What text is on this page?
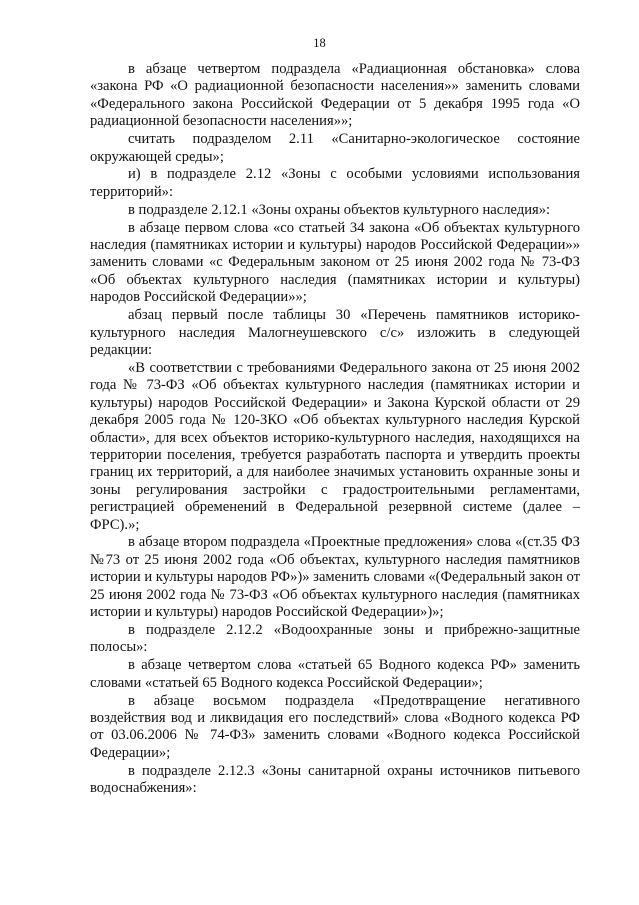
18

в абзаце четвертом подраздела «Радиационная обстановка» слова «закона РФ «О радиационной безопасности населения»» заменить словами «Федерального закона Российской Федерации от 5 декабря 1995 года «О радиационной безопасности населения»»;

считать подразделом 2.11 «Санитарно-экологическое состояние окружающей среды»;

и) в подразделе 2.12 «Зоны с особыми условиями использования территорий»:

в подразделе 2.12.1 «Зоны охраны объектов культурного наследия»:

в абзаце первом слова «со статьей 34 закона «Об объектах культурного наследия (памятниках истории и культуры) народов Российской Федерации»» заменить словами «с Федеральным законом от 25 июня 2002 года № 73-ФЗ «Об объектах культурного наследия (памятниках истории и культуры) народов Российской Федерации»»;

абзац первый после таблицы 30 «Перечень памятников историко-культурного наследия Малогнеушевского с/с» изложить в следующей редакции:

«В соответствии с требованиями Федерального закона от 25 июня 2002 года № 73-ФЗ «Об объектах культурного наследия (памятниках истории и культуры) народов Российской Федерации» и Закона Курской области от 29 декабря 2005 года № 120-ЗКО «Об объектах культурного наследия Курской области», для всех объектов историко-культурного наследия, находящихся на территории поселения, требуется разработать паспорта и утвердить проекты границ их территорий, а для наиболее значимых установить охранные зоны и зоны регулирования застройки с градостроительными регламентами, регистрацией обременений в Федеральной резервной системе (далее – ФРС).»;

в абзаце втором подраздела «Проектные предложения» слова «(ст.35 ФЗ №73 от 25 июня 2002 года «Об объектах, культурного наследия памятников истории и культуры народов РФ»)» заменить словами «(Федеральный закон от 25 июня 2002 года № 73-ФЗ «Об объектах культурного наследия (памятниках истории и культуры) народов Российской Федерации»)»;

в подразделе 2.12.2 «Водоохранные зоны и прибрежно-защитные полосы»:

в абзаце четвертом слова «статьей 65 Водного кодекса РФ» заменить словами «статьей 65 Водного кодекса Российской Федерации»;

в абзаце восьмом подраздела «Предотвращение негативного воздействия вод и ликвидация его последствий» слова «Водного кодекса РФ от 03.06.2006 № 74-ФЗ» заменить словами «Водного кодекса Российской Федерации»;

в подразделе 2.12.3 «Зоны санитарной охраны источников питьевого водоснабжения»:
